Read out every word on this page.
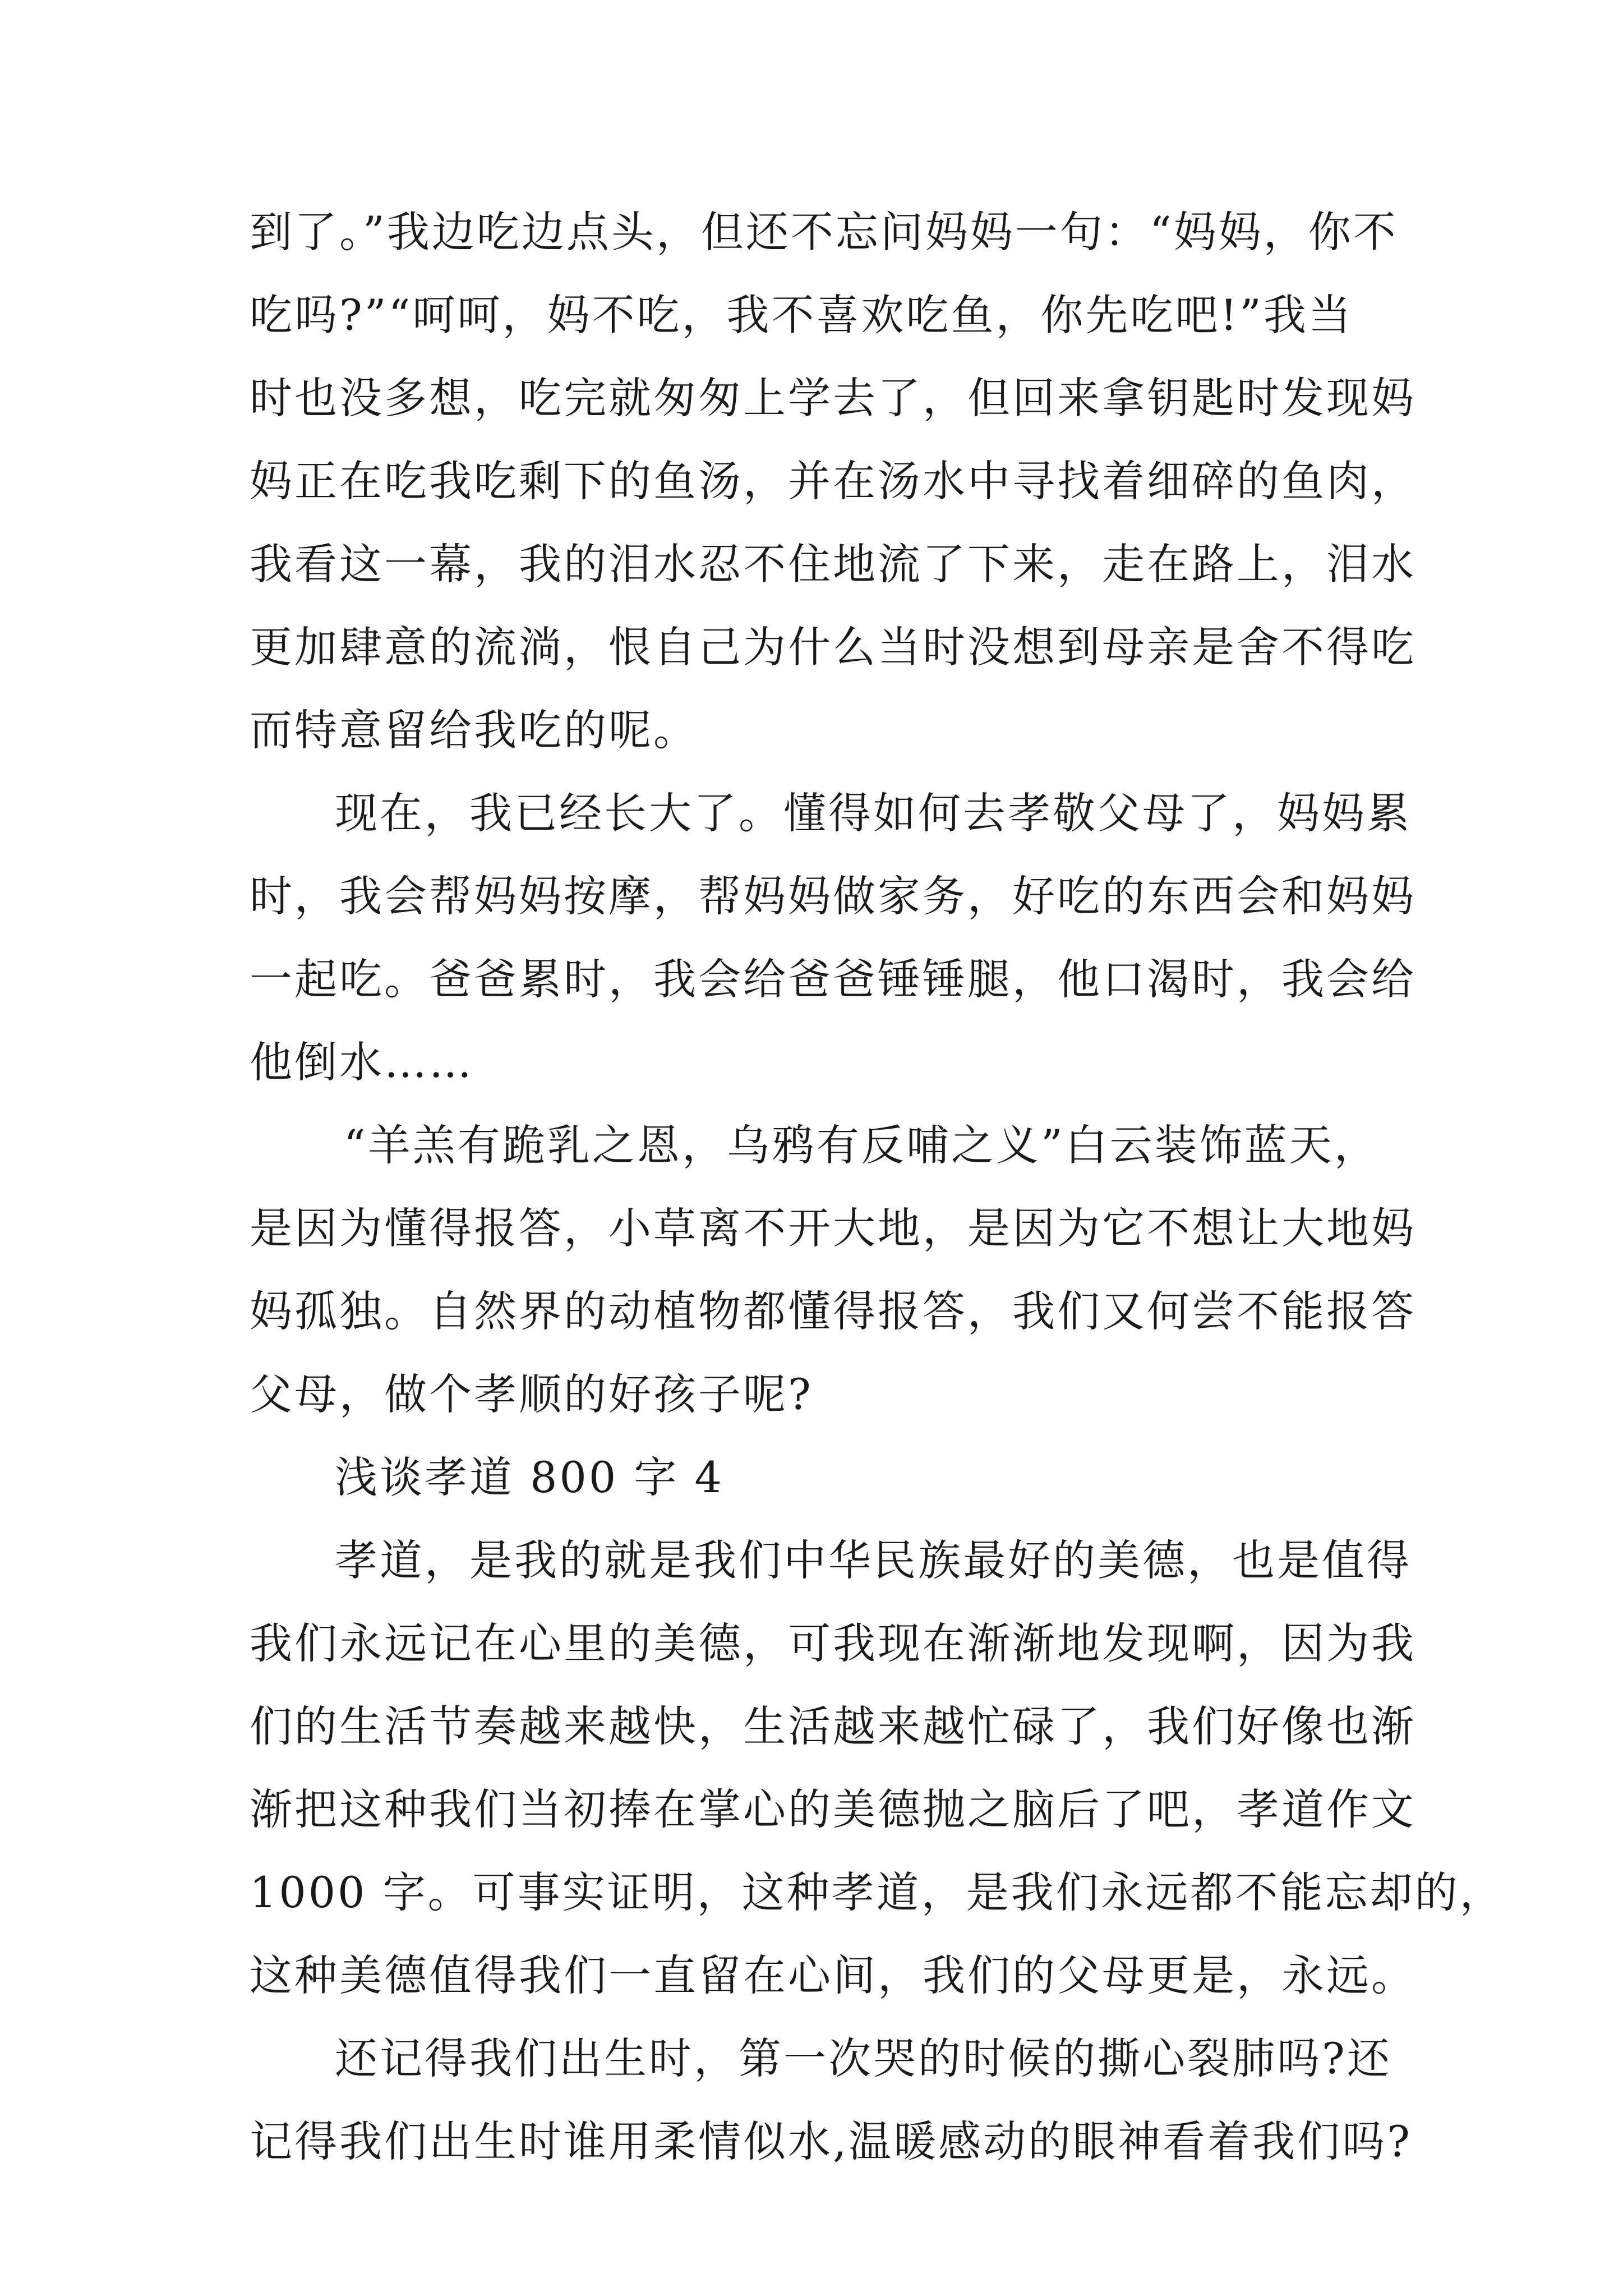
到了。”我边吃边点头，但还不忘问妈妈一句：“妈妈，你不
吃吗?”“呵呵，妈不吃，我不喜欢吃鱼，你先吃吧!”我当
时也没多想，吃完就匆匆上学去了，但回来拿钥匙时发现妈
妈正在吃我吃剩下的鱼汤，并在汤水中寻找着细碎的鱼肉，
我看这一幕，我的泪水忍不住地流了下来，走在路上，泪水
更加肆意的流淌，恨自己为什么当时没想到母亲是舍不得吃
而特意留给我吃的呢。
现在，我已经长大了。懂得如何去孝敬父母了，妈妈累
时，我会帮妈妈按摩，帮妈妈做家务，好吃的东西会和妈妈
一起吃。爸爸累时，我会给爸爸锤锤腿，他口渴时，我会给
他倒水……
“羊羔有跪乳之恩，乌鸦有反哺之义”白云装饰蓝天，
是因为懂得报答，小草离不开大地，是因为它不想让大地妈
妈孤独。自然界的动植物都懂得报答，我们又何尝不能报答
父母，做个孝顺的好孩子呢?
浅谈孝道 800 字 4
孝道，是我的就是我们中华民族最好的美德，也是值得
我们永远记在心里的美德，可我现在渐渐地发现啊，因为我
们的生活节奏越来越快，生活越来越忙碌了，我们好像也渐
渐把这种我们当初捧在掌心的美德抛之脑后了吧，孝道作文
1000 字。可事实证明，这种孝道，是我们永远都不能忘却的，
这种美德值得我们一直留在心间，我们的父母更是，永远。
还记得我们出生时，第一次哭的时候的撕心裂肺吗?还
记得我们出生时谁用柔情似水,温暖感动的眼神看着我们吗?
